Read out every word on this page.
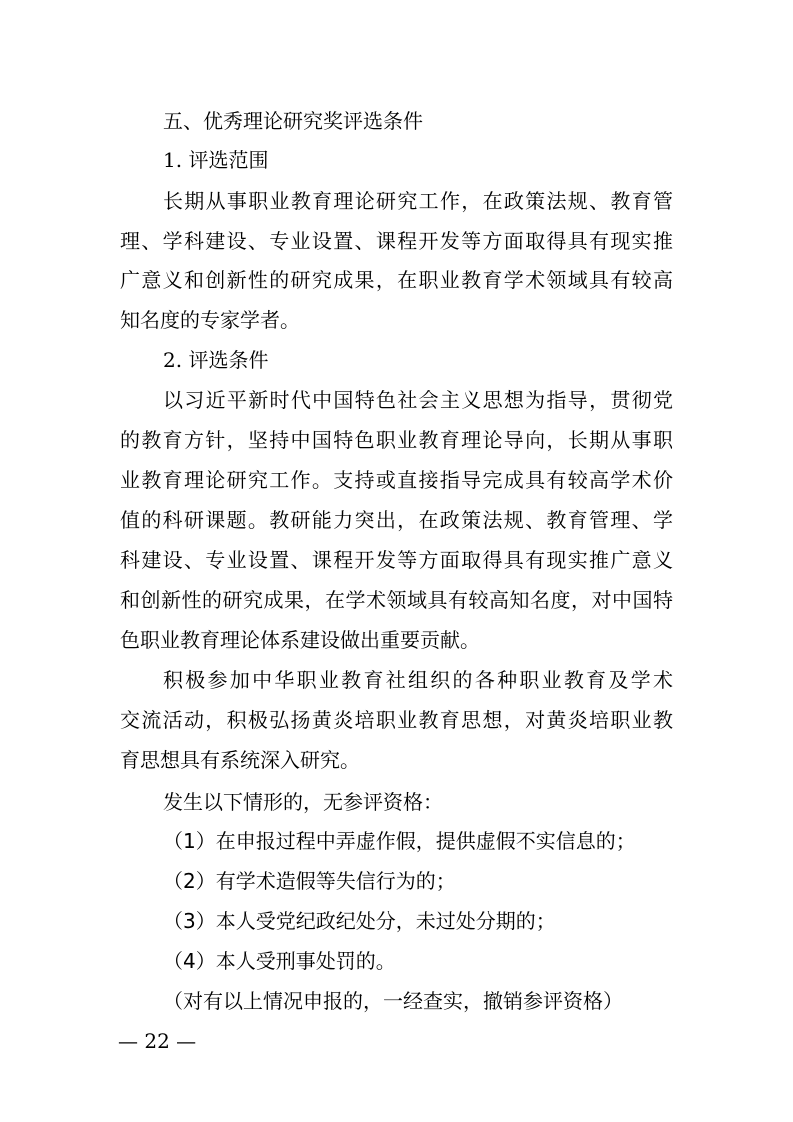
五、优秀理论研究奖评选条件
1. 评选范围
长期从事职业教育理论研究工作，在政策法规、教育管
理、学科建设、专业设置、课程开发等方面取得具有现实推
广意义和创新性的研究成果，在职业教育学术领域具有较高
知名度的专家学者。
2. 评选条件
以习近平新时代中国特色社会主义思想为指导，贯彻党
的教育方针，坚持中国特色职业教育理论导向，长期从事职
业教育理论研究工作。支持或直接指导完成具有较高学术价
值的科研课题。教研能力突出，在政策法规、教育管理、学
科建设、专业设置、课程开发等方面取得具有现实推广意义
和创新性的研究成果，在学术领域具有较高知名度，对中国特
色职业教育理论体系建设做出重要贡献。
积极参加中华职业教育社组织的各种职业教育及学术
交流活动，积极弘扬黄炎培职业教育思想，对黄炎培职业教
育思想具有系统深入研究。
发生以下情形的，无参评资格：
（1）在申报过程中弄虚作假，提供虚假不实信息的；
（2）有学术造假等失信行为的；
（3）本人受党纪政纪处分，未过处分期的；
（4）本人受刑事处罚的。
（对有以上情况申报的，一经查实，撤销参评资格）
— 22 —
